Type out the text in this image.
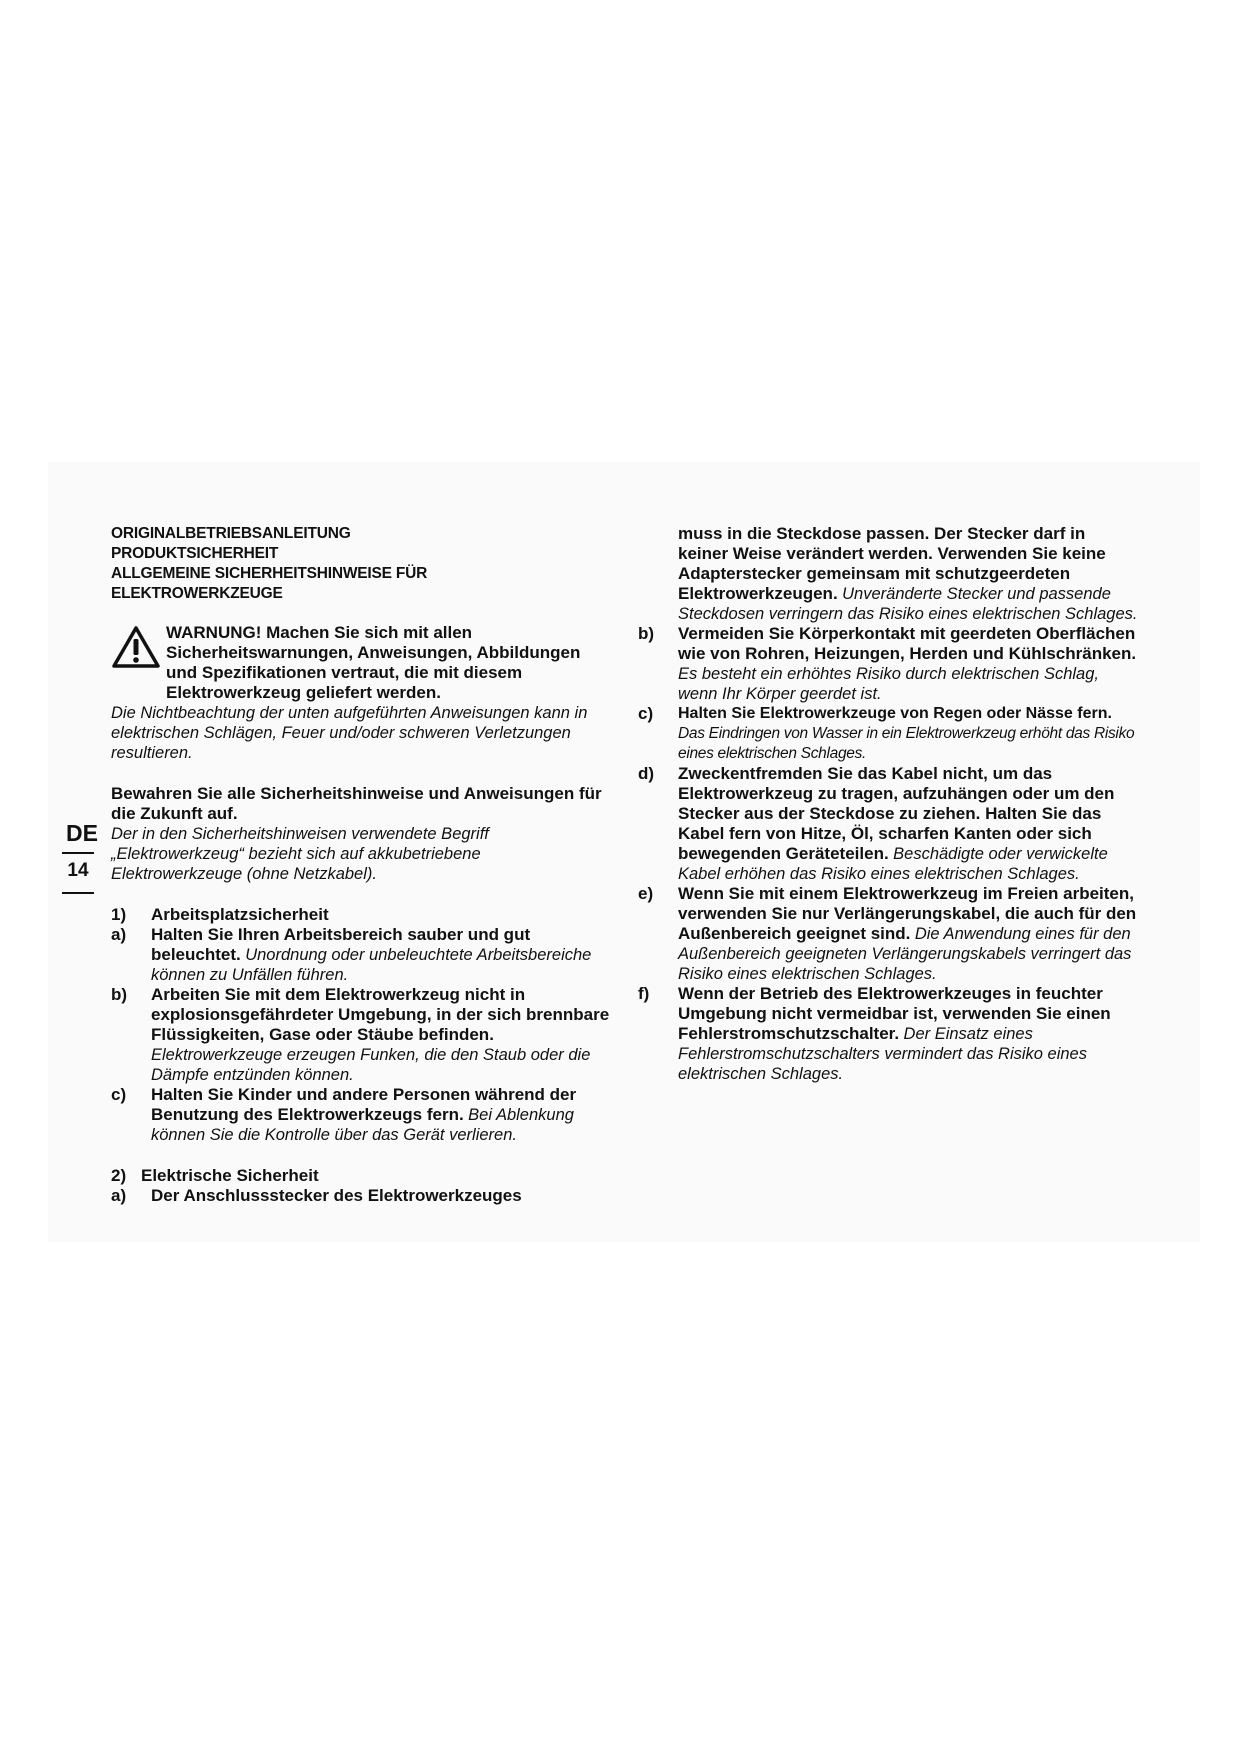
ORIGINALBETRIEBSANLEITUNG
PRODUKTSICHERHEIT
ALLGEMEINE SICHERHEITSHINWEISE FÜR
ELEKTROWERKZEUGE

WARNUNG! Machen Sie sich mit allen Sicherheitswarnungen, Anweisungen, Abbildungen und Spezifikationen vertraut, die mit diesem Elektrowerkzeug geliefert werden.

Die Nichtbeachtung der unten aufgeführten Anweisungen kann in elektrischen Schlägen, Feuer und/oder schweren Verletzungen resultieren.

Bewahren Sie alle Sicherheitshinweise und Anweisungen für die Zukunft auf.

Der in den Sicherheitshinweisen verwendete Begriff „Elektrowerkzeug“ bezieht sich auf akkubetriebene Elektrowerkzeuge (ohne Netzkabel).

1) Arbeitsplatzsicherheit
a) Halten Sie Ihren Arbeitsbereich sauber und gut beleuchtet. Unordnung oder unbeleuchtete Arbeitsbereiche können zu Unfällen führen.
b) Arbeiten Sie mit dem Elektrowerkzeug nicht in explosionsgefährdeter Umgebung, in der sich brennbare Flüssigkeiten, Gase oder Stäube befinden. Elektrowerkzeuge erzeugen Funken, die den Staub oder die Dämpfe entzünden können.
c) Halten Sie Kinder und andere Personen während der Benutzung des Elektrowerkzeugs fern. Bei Ablenkung können Sie die Kontrolle über das Gerät verlieren.
2) Elektrische Sicherheit
a) Der Anschlussstecker des Elektrowerkzeuges
DE
14
muss in die Steckdose passen. Der Stecker darf in keiner Weise verändert werden. Verwenden Sie keine Adapterstecker gemeinsam mit schutzgeerdeten Elektrowerkzeugen. Unveränderte Stecker und passende Steckdosen verringern das Risiko eines elektrischen Schlages.
b) Vermeiden Sie Körperkontakt mit geerdeten Oberflächen wie von Rohren, Heizungen, Herden und Kühlschränken. Es besteht ein erhöhtes Risiko durch elektrischen Schlag, wenn Ihr Körper geerdet ist.
c) Halten Sie Elektrowerkzeuge von Regen oder Nässe fern. Das Eindringen von Wasser in ein Elektrowerkzeug erhöht das Risiko eines elektrischen Schlages.
d) Zweckentfremden Sie das Kabel nicht, um das Elektrowerkzeug zu tragen, aufzuhängen oder um den Stecker aus der Steckdose zu ziehen. Halten Sie das Kabel fern von Hitze, Öl, scharfen Kanten oder sich bewegenden Geräteteilen. Beschädigte oder verwickelte Kabel erhöhen das Risiko eines elektrischen Schlages.
e) Wenn Sie mit einem Elektrowerkzeug im Freien arbeiten, verwenden Sie nur Verlängerungskabel, die auch für den Außenbereich geeignet sind. Die Anwendung eines für den Außenbereich geeigneten Verlängerungskabels verringert das Risiko eines elektrischen Schlages.
f) Wenn der Betrieb des Elektrowerkzeuges in feuchter Umgebung nicht vermeidbar ist, verwenden Sie einen Fehlerstromschutzschalter. Der Einsatz eines Fehlerstromschutzschalters vermindert das Risiko eines elektrischen Schlages.
